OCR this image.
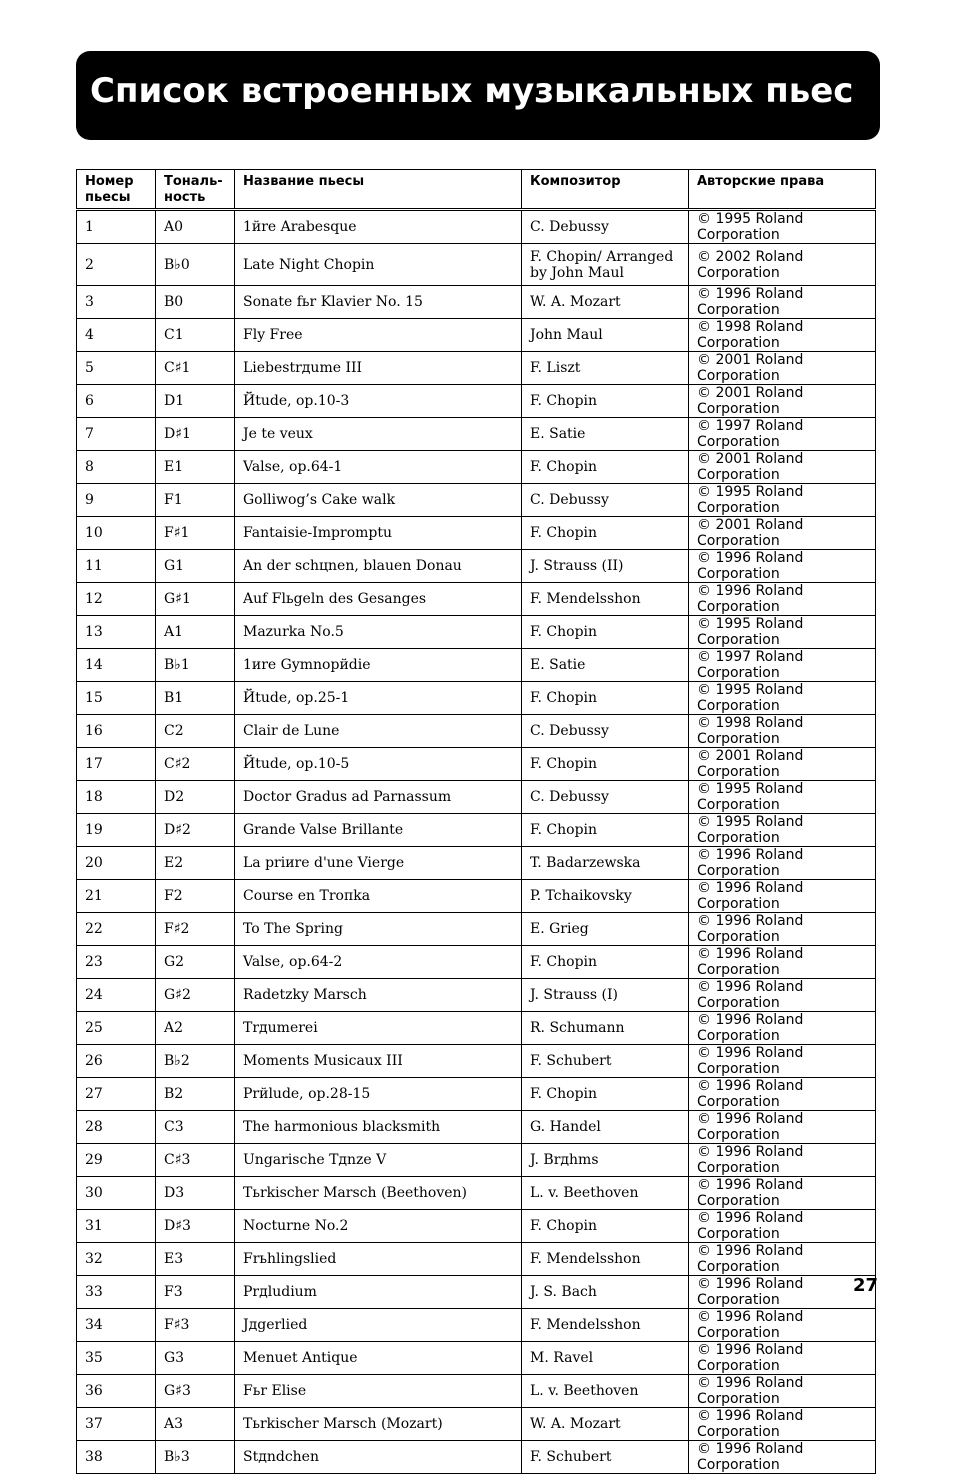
Список встроенных музыкальных пьес
Номер пьесы	Тональ- ность	Название пьесы	Композитор	Авторские права
1	A0	1йre Arabesque	C. Debussy	© 1995 Roland Corporation
2	B♭0	Late Night Chopin	F. Chopin/ Arranged by John Maul	© 2002 Roland Corporation
3	B0	Sonate fьr Klavier No. 15	W. A. Mozart	© 1996 Roland Corporation
4	C1	Fly Free	John Maul	© 1998 Roland Corporation
5	C♯1	Liebestrдume III	F. Liszt	© 2001 Roland Corporation
6	D1	Йtude, op.10-3	F. Chopin	© 2001 Roland Corporation
7	D♯1	Je te veux	E. Satie	© 1997 Roland Corporation
8	E1	Valse, op.64-1	F. Chopin	© 2001 Roland Corporation
9	F1	Golliwog’s Cake walk	C. Debussy	© 1995 Roland Corporation
10	F♯1	Fantaisie-Impromptu	F. Chopin	© 2001 Roland Corporation
11	G1	An der schцnen, blauen Donau	J. Strauss (II)	© 1996 Roland Corporation
12	G♯1	Auf Flьgeln des Gesanges	F. Mendelsshon	© 1996 Roland Corporation
13	A1	Mazurka No.5	F. Chopin	© 1995 Roland Corporation
14	B♭1	1иre Gymnopйdie	E. Satie	© 1997 Roland Corporation
15	B1	Йtude, op.25-1	F. Chopin	© 1995 Roland Corporation
16	C2	Clair de Lune	C. Debussy	© 1998 Roland Corporation
17	C♯2	Йtude, op.10-5	F. Chopin	© 2001 Roland Corporation
18	D2	Doctor Gradus ad Parnassum	C. Debussy	© 1995 Roland Corporation
19	D♯2	Grande Valse Brillante	F. Chopin	© 1995 Roland Corporation
20	E2	La priиre d'une Vierge	T. Badarzewska	© 1996 Roland Corporation
21	F2	Course en Troпka	P. Tchaikovsky	© 1996 Roland Corporation
22	F♯2	To The Spring	E. Grieg	© 1996 Roland Corporation
23	G2	Valse, op.64-2	F. Chopin	© 1996 Roland Corporation
24	G♯2	Radetzky Marsch	J. Strauss (I)	© 1996 Roland Corporation
25	A2	Trдumerei	R. Schumann	© 1996 Roland Corporation
26	B♭2	Moments Musicaux III	F. Schubert	© 1996 Roland Corporation
27	B2	Prйlude, op.28-15	F. Chopin	© 1996 Roland Corporation
28	C3	The harmonious blacksmith	G. Handel	© 1996 Roland Corporation
29	C♯3	Ungarische Tдnze V	J. Brдhms	© 1996 Roland Corporation
30	D3	Tьrkischer Marsch (Beethoven)	L. v. Beethoven	© 1996 Roland Corporation
31	D♯3	Nocturne No.2	F. Chopin	© 1996 Roland Corporation
32	E3	Frьhlingslied	F. Mendelsshon	© 1996 Roland Corporation
33	F3	Prдludium	J. S. Bach	© 1996 Roland Corporation
34	F♯3	Jдgerlied	F. Mendelsshon	© 1996 Roland Corporation
35	G3	Menuet Antique	M. Ravel	© 1996 Roland Corporation
36	G♯3	Fьr Elise	L. v. Beethoven	© 1996 Roland Corporation
37	A3	Tьrkischer Marsch (Mozart)	W. A. Mozart	© 1996 Roland Corporation
38	B♭3	Stдndchen	F. Schubert	© 1996 Roland Corporation
27
